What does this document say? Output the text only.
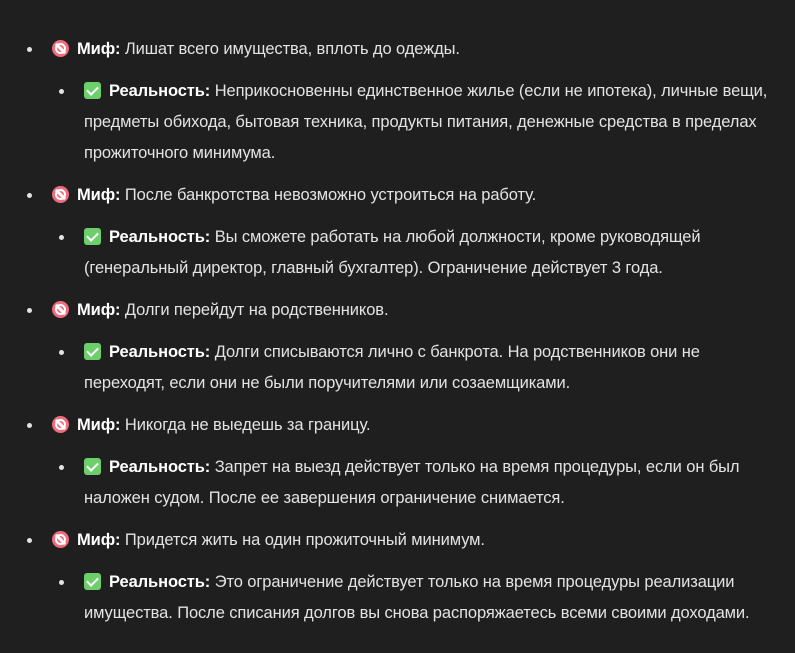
Миф: Лишат всего имущества, вплоть до одежды.
Реальность: Неприкосновенны единственное жилье (если не ипотека), личные вещи, предметы обихода, бытовая техника, продукты питания, денежные средства в пределах прожиточного минимума.
Миф: После банкротства невозможно устроиться на работу.
Реальность: Вы сможете работать на любой должности, кроме руководящей (генеральный директор, главный бухгалтер). Ограничение действует 3 года.
Миф: Долги перейдут на родственников.
Реальность: Долги списываются лично с банкрота. На родственников они не переходят, если они не были поручителями или созаемщиками.
Миф: Никогда не выедешь за границу.
Реальность: Запрет на выезд действует только на время процедуры, если он был наложен судом. После ее завершения ограничение снимается.
Миф: Придется жить на один прожиточный минимум.
Реальность: Это ограничение действует только на время процедуры реализации имущества. После списания долгов вы снова распоряжаетесь всеми своими доходами.
